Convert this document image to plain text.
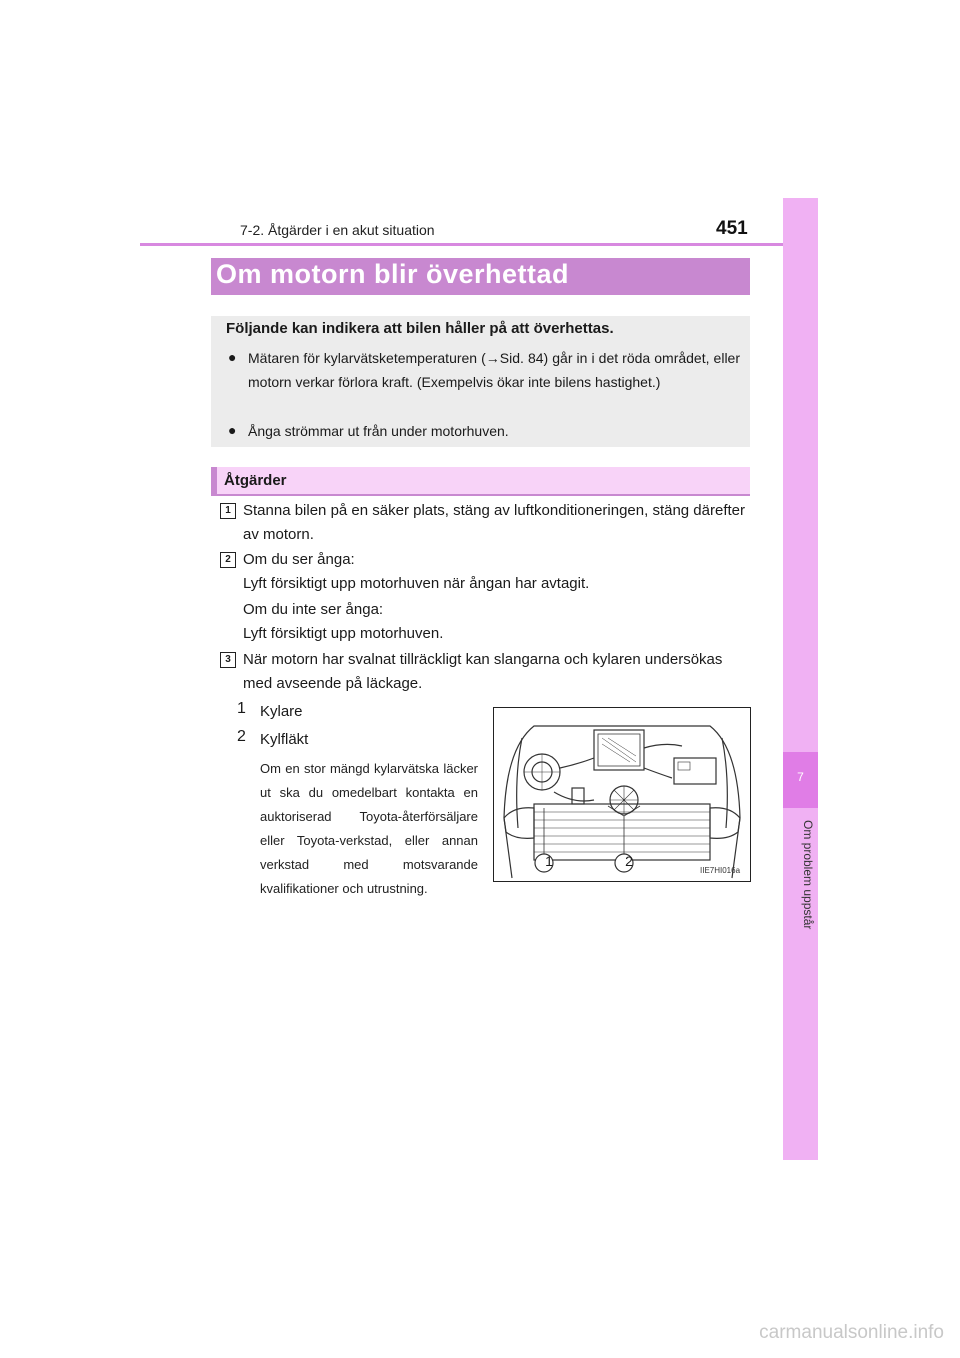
7-2. Åtgärder i en akut situation	451
7
Om problem uppstår
Om motorn blir överhettad
Följande kan indikera att bilen håller på att överhettas.
● Mätaren för kylarvätsketemperaturen (→Sid. 84) går in i det röda området, eller motorn verkar förlora kraft. (Exempelvis ökar inte bilens hastighet.)
● Ånga strömmar ut från under motorhuven.
Åtgärder
1 Stanna bilen på en säker plats, stäng av luftkonditioneringen, stäng därefter av motorn.
2 Om du ser ånga:
Lyft försiktigt upp motorhuven när ångan har avtagit.
Om du inte ser ånga:
Lyft försiktigt upp motorhuven.
3 När motorn har svalnat tillräckligt kan slangarna och kylaren undersökas med avseende på läckage.
1 Kylare
2 Kylfläkt
Om en stor mängd kylarvätska läcker ut ska du omedelbart kontakta en auktoriserad Toyota-återförsäljare eller Toyota-verkstad, eller annan verkstad med motsvarande kvalifikationer och utrustning.
1	2
IIE7HI016a
carmanualsonline.info
